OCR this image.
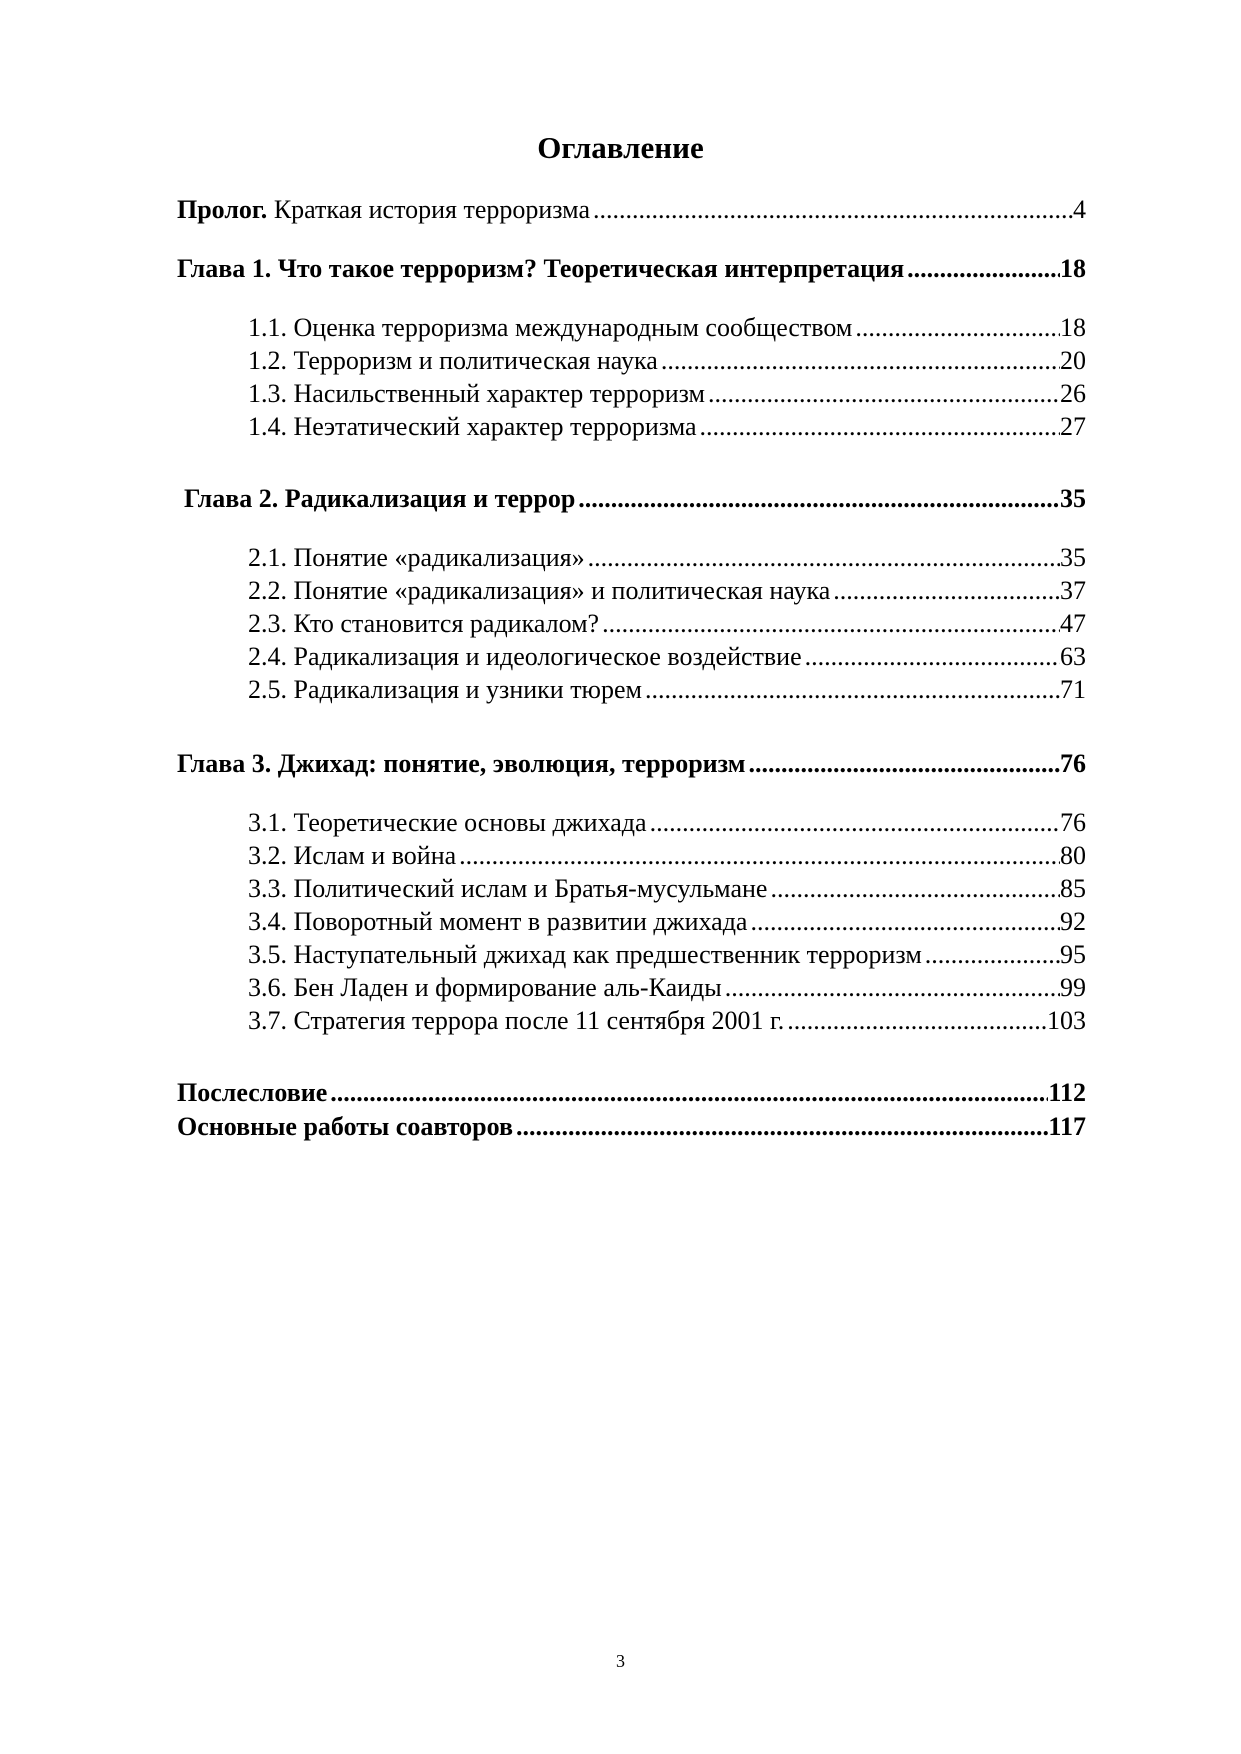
Оглавление
Пролог. Краткая история терроризма .....	4
Глава 1. Что такое терроризм? Теоретическая интерпретация .....	18
1.1. Оценка терроризма международным сообществом .....	18
1.2. Терроризм и политическая наука .....	20
1.3. Насильственный характер терроризм .....	26
1.4. Неэтатический характер терроризма .....	27
Глава 2. Радикализация и террор .....	35
2.1. Понятие «радикализация» .....	35
2.2. Понятие «радикализация» и политическая наука .....	37
2.3. Кто становится радикалом? .....	47
2.4. Радикализация и идеологическое воздействие .....	63
2.5. Радикализация и узники тюрем .....	71
Глава 3. Джихад: понятие, эволюция, терроризм .....	76
3.1. Теоретические основы джихада .....	76
3.2. Ислам и война .....	80
3.3. Политический ислам и Братья-мусульмане .....	85
3.4. Поворотный момент в развитии джихада .....	92
3.5. Наступательный джихад как предшественник терроризм .....	95
3.6. Бен Ладен и формирование аль-Каиды .....	99
3.7. Стратегия террора после 11 сентября 2001 г. .....	103
Послесловие .....	112
Основные работы соавторов .....	117
3
